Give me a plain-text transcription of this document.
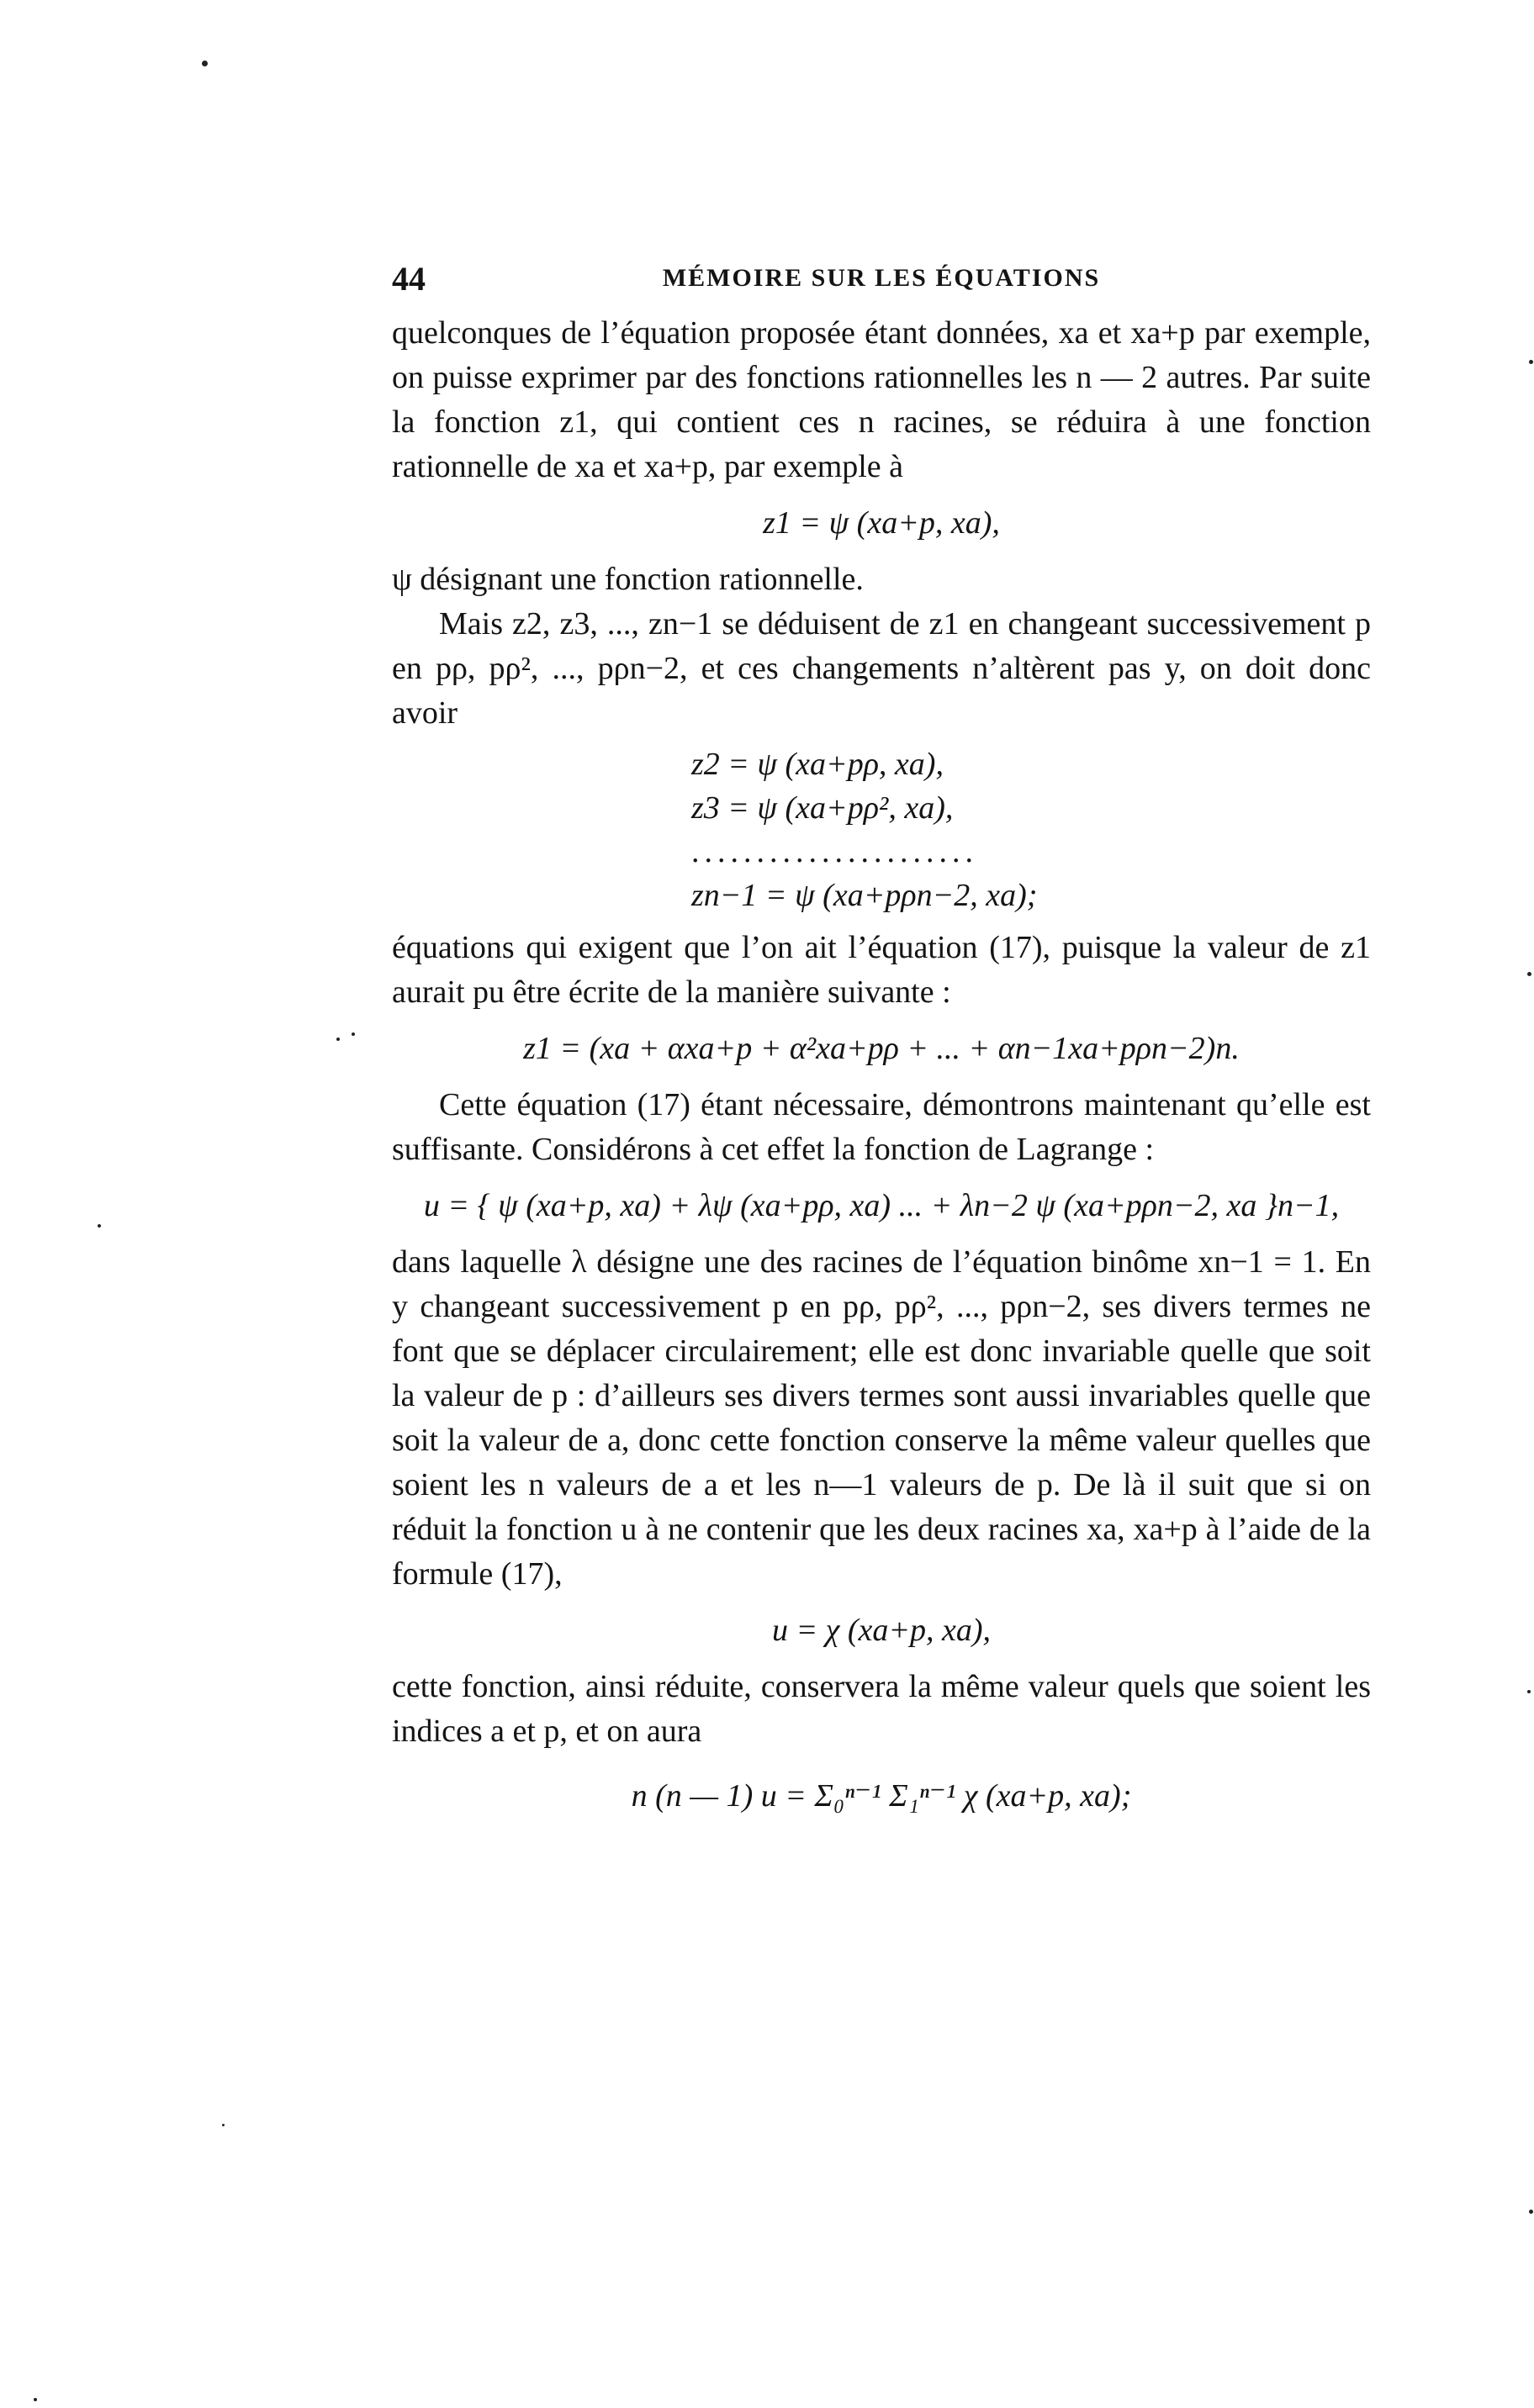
44	MÉMOIRE SUR LES ÉQUATIONS

quelconques de l’équation proposée étant données, xa et xa+p par exemple, on puisse exprimer par des fonctions rationnelles les n — 2 autres. Par suite la fonction z1, qui contient ces n racines, se réduira à une fonction rationnelle de xa et xa+p, par exemple à

z1 = ψ (xa+p, xa),

ψ désignant une fonction rationnelle.

Mais z2, z3, ..., zn−1 se déduisent de z1 en changeant successivement p en pρ, pρ², ..., pρn−2, et ces changements n’altèrent pas y, on doit donc avoir

z2 = ψ (xa+pρ, xa),
z3 = ψ (xa+pρ², xa),
......................
zn−1 = ψ (xa+pρn−2, xa);

équations qui exigent que l’on ait l’équation (17), puisque la valeur de z1 aurait pu être écrite de la manière suivante :

z1 = (xa + αxa+p + α²xa+pρ + ... + αn−1xa+pρn−2)n.

Cette équation (17) étant nécessaire, démontrons maintenant qu’elle est suffisante. Considérons à cet effet la fonction de Lagrange :

u = { ψ (xa+p, xa) + λψ (xa+pρ, xa) ... + λn−2 ψ (xa+pρn−2, xa }n−1,

dans laquelle λ désigne une des racines de l’équation binôme xn−1 = 1. En y changeant successivement p en pρ, pρ², ..., pρn−2, ses divers termes ne font que se déplacer circulairement; elle est donc invariable quelle que soit la valeur de p : d’ailleurs ses divers termes sont aussi invariables quelle que soit la valeur de a, donc cette fonction conserve la même valeur quelles que soient les n valeurs de a et les n—1 valeurs de p. De là il suit que si on réduit la fonction u à ne contenir que les deux racines xa, xa+p à l’aide de la formule (17),

u = χ (xa+p, xa),

cette fonction, ainsi réduite, conservera la même valeur quels que soient les indices a et p, et on aura

n (n — 1) u = Σ₀ⁿ⁻¹ Σ₁ⁿ⁻¹ χ (xa+p, xa);
